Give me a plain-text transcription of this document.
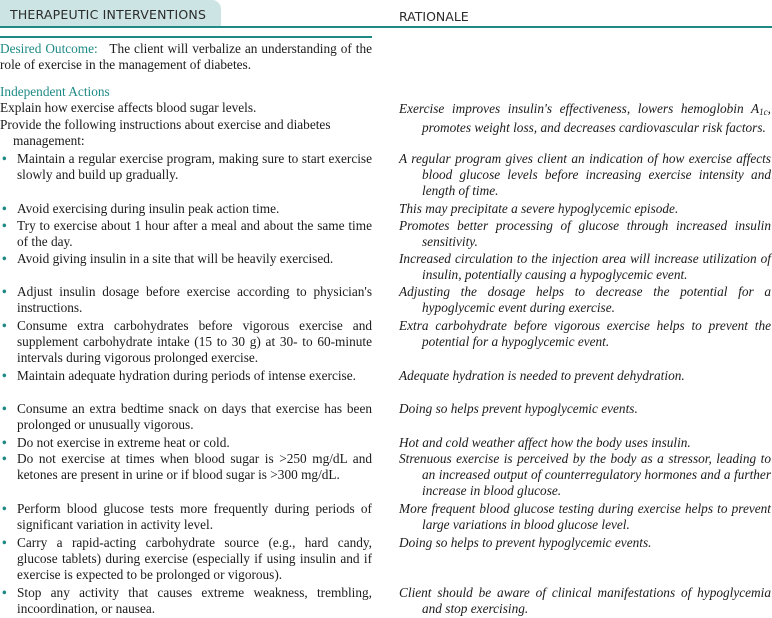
THERAPEUTIC INTERVENTIONS	RATIONALE
Desired Outcome: The client will verbalize an understanding of the role of exercise in the management of diabetes.
Independent Actions
Explain how exercise affects blood sugar levels.
Provide the following instructions about exercise and diabetes management:
• Maintain a regular exercise program, making sure to start exercise slowly and build up gradually.
• Avoid exercising during insulin peak action time.
• Try to exercise about 1 hour after a meal and about the same time of the day.
• Avoid giving insulin in a site that will be heavily exercised.
• Adjust insulin dosage before exercise according to physician's instructions.
• Consume extra carbohydrates before vigorous exercise and supplement carbohydrate intake (15 to 30 g) at 30- to 60-minute intervals during vigorous prolonged exercise.
• Maintain adequate hydration during periods of intense exercise.
• Consume an extra bedtime snack on days that exercise has been prolonged or unusually vigorous.
• Do not exercise in extreme heat or cold.
• Do not exercise at times when blood sugar is >250 mg/dL and ketones are present in urine or if blood sugar is >300 mg/dL.
• Perform blood glucose tests more frequently during periods of significant variation in activity level.
• Carry a rapid-acting carbohydrate source (e.g., hard candy, glucose tablets) during exercise (especially if using insulin and if exercise is expected to be prolonged or vigorous).
• Stop any activity that causes extreme weakness, trembling, incoordination, or nausea.
Exercise improves insulin's effectiveness, lowers hemoglobin $A_{1c}$, promotes weight loss, and decreases cardiovascular risk factors.
A regular program gives client an indication of how exercise affects blood glucose levels before increasing exercise intensity and length of time.
This may precipitate a severe hypoglycemic episode.
Promotes better processing of glucose through increased insulin sensitivity.
Increased circulation to the injection area will increase utilization of insulin, potentially causing a hypoglycemic event.
Adjusting the dosage helps to decrease the potential for a hypoglycemic event during exercise.
Extra carbohydrate before vigorous exercise helps to prevent the potential for a hypoglycemic event.
Adequate hydration is needed to prevent dehydration.
Doing so helps prevent hypoglycemic events.
Hot and cold weather affect how the body uses insulin.
Strenuous exercise is perceived by the body as a stressor, leading to an increased output of counterregulatory hormones and a further increase in blood glucose.
More frequent blood glucose testing during exercise helps to prevent large variations in blood glucose level.
Doing so helps to prevent hypoglycemic events.
Client should be aware of clinical manifestations of hypoglycemia and stop exercising.
